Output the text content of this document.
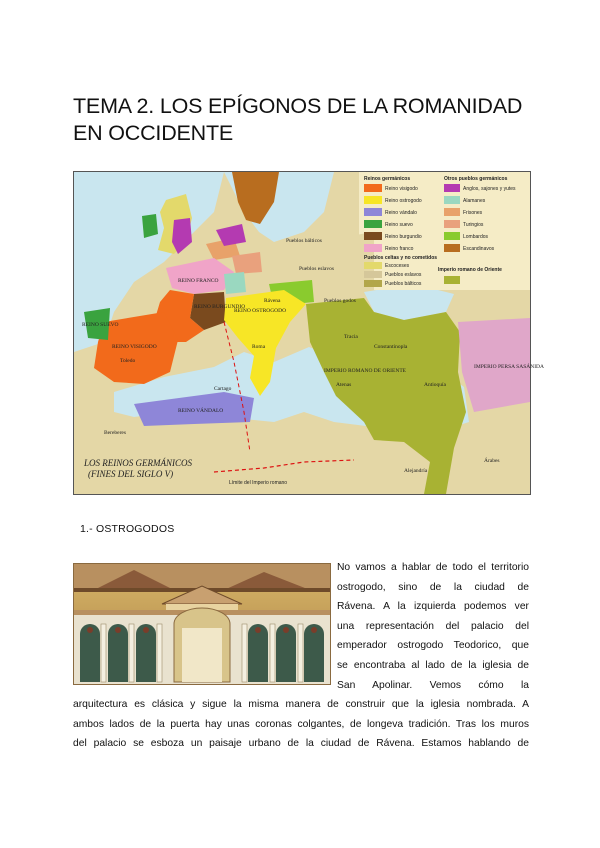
TEMA 2. LOS EPÍGONOS DE LA ROMANIDAD
EN OCCIDENTE
Pueblos bálticos
Pueblos eslavos
REINO FRANCO
REINO BURGUNDIO
REINO OSTROGODO
REINO VISIGODO
REINO SUEVO
REINO VÁNDALO
IMPERIO ROMANO DE ORIENTE
IMPERIO PERSA SASÁNIDA
Bereberes
Árabes
Toledo
Roma	Constantinopla
Cartago
Rávena
Alejandría
Antioquía
Atenas
Tracia
Pueblos godos
Reinos germánicos	Otros pueblos germánicos
Reino visigodo
Reino ostrogodo
Reino vándalo
Reino suevo
Reino burgundio
Reino franco
Anglos, sajones y yutes
Alamanes
Frisones
Turingios
Lombardos
Escandinavos
Pueblos celtas y no cometidos
Escoceses
Pueblos eslavos
Pueblos bálticos
Imperio romano de Oriente
LOS REINOS GERMÁNICOS
(FINES DEL SIGLO V)
Límite del Imperio romano

1.- OSTROGODOS

No vamos a hablar de todo el territorio
ostrogodo, sino de la ciudad de
Rávena. A la izquierda podemos ver
una representación del palacio del
emperador ostrogodo Teodorico, que
se encontraba al lado de la iglesia de
San Apolinar. Vemos cómo la
arquitectura es clásica y sigue la misma manera de construir que la iglesia nombrada. A
ambos lados de la puerta hay unas coronas colgantes, de longeva tradición. Tras los muros
del palacio se esboza un paisaje urbano de la ciudad de Rávena. Estamos hablando de
